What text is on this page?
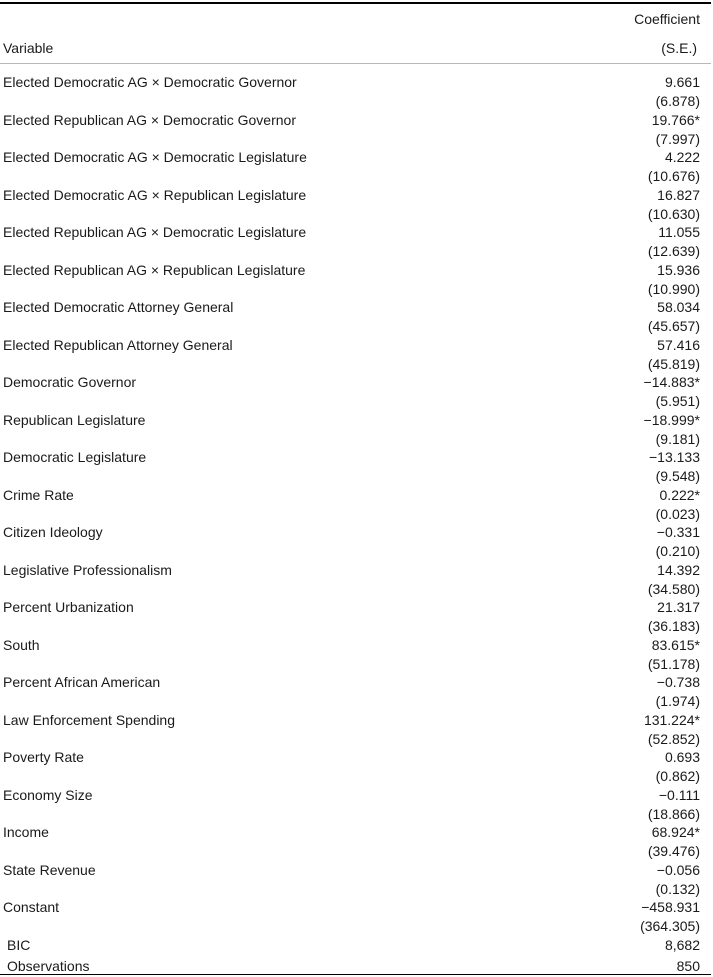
Coefficient
Variable	(S.E.)
Elected Democratic AG × Democratic Governor	9.661
(6.878)
Elected Republican AG × Democratic Governor	19.766*
(7.997)
Elected Democratic AG × Democratic Legislature	4.222
(10.676)
Elected Democratic AG × Republican Legislature	16.827
(10.630)
Elected Republican AG × Democratic Legislature	11.055
(12.639)
Elected Republican AG × Republican Legislature	15.936
(10.990)
Elected Democratic Attorney General	58.034
(45.657)
Elected Republican Attorney General	57.416
(45.819)
Democratic Governor	−14.883*
(5.951)
Republican Legislature	−18.999*
(9.181)
Democratic Legislature	−13.133
(9.548)
Crime Rate	0.222*
(0.023)
Citizen Ideology	−0.331
(0.210)
Legislative Professionalism	14.392
(34.580)
Percent Urbanization	21.317
(36.183)
South	83.615*
(51.178)
Percent African American	−0.738
(1.974)
Law Enforcement Spending	131.224*
(52.852)
Poverty Rate	0.693
(0.862)
Economy Size	−0.111
(18.866)
Income	68.924*
(39.476)
State Revenue	−0.056
(0.132)
Constant	−458.931
(364.305)
BIC	8,682
Observations	850
